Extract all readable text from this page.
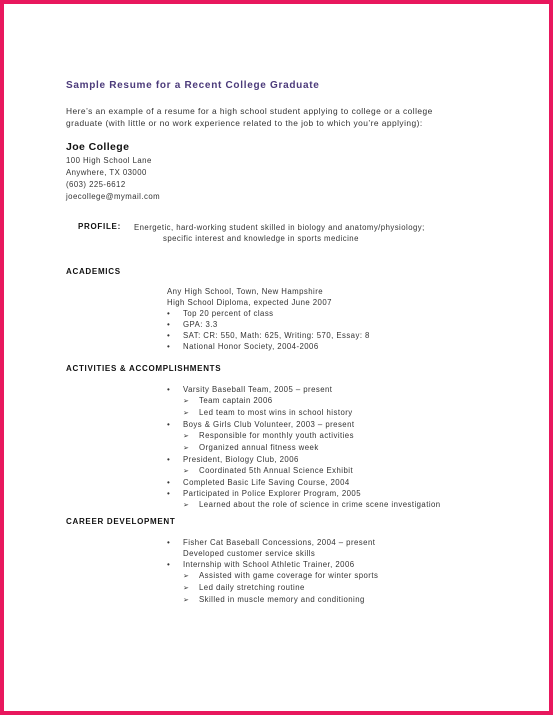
Sample Resume for a Recent College Graduate
Here’s an example of a resume for a high school student applying to college or a college
graduate (with little or no work experience related to the job to which you’re applying):
Joe College
100 High School Lane
Anywhere, TX 03000
(603) 225-6612
joecollege@mymail.com
PROFILE: Energetic, hard-working student skilled in biology and anatomy/physiology;
specific interest and knowledge in sports medicine
ACADEMICS
Any High School, Town, New Hampshire
High School Diploma, expected June 2007
• Top 20 percent of class
• GPA: 3.3
• SAT: CR: 550, Math: 625, Writing: 570, Essay: 8
• National Honor Society, 2004-2006
ACTIVITIES & ACCOMPLISHMENTS
• Varsity Baseball Team, 2005 – present
➢ Team captain 2006
➢ Led team to most wins in school history
• Boys & Girls Club Volunteer, 2003 – present
➢ Responsible for monthly youth activities
➢ Organized annual fitness week
• President, Biology Club, 2006
➢ Coordinated 5th Annual Science Exhibit
• Completed Basic Life Saving Course, 2004
• Participated in Police Explorer Program, 2005
➢ Learned about the role of science in crime scene investigation
CAREER DEVELOPMENT
• Fisher Cat Baseball Concessions, 2004 – present
Developed customer service skills
• Internship with School Athletic Trainer, 2006
➢ Assisted with game coverage for winter sports
➢ Led daily stretching routine
➢ Skilled in muscle memory and conditioning
